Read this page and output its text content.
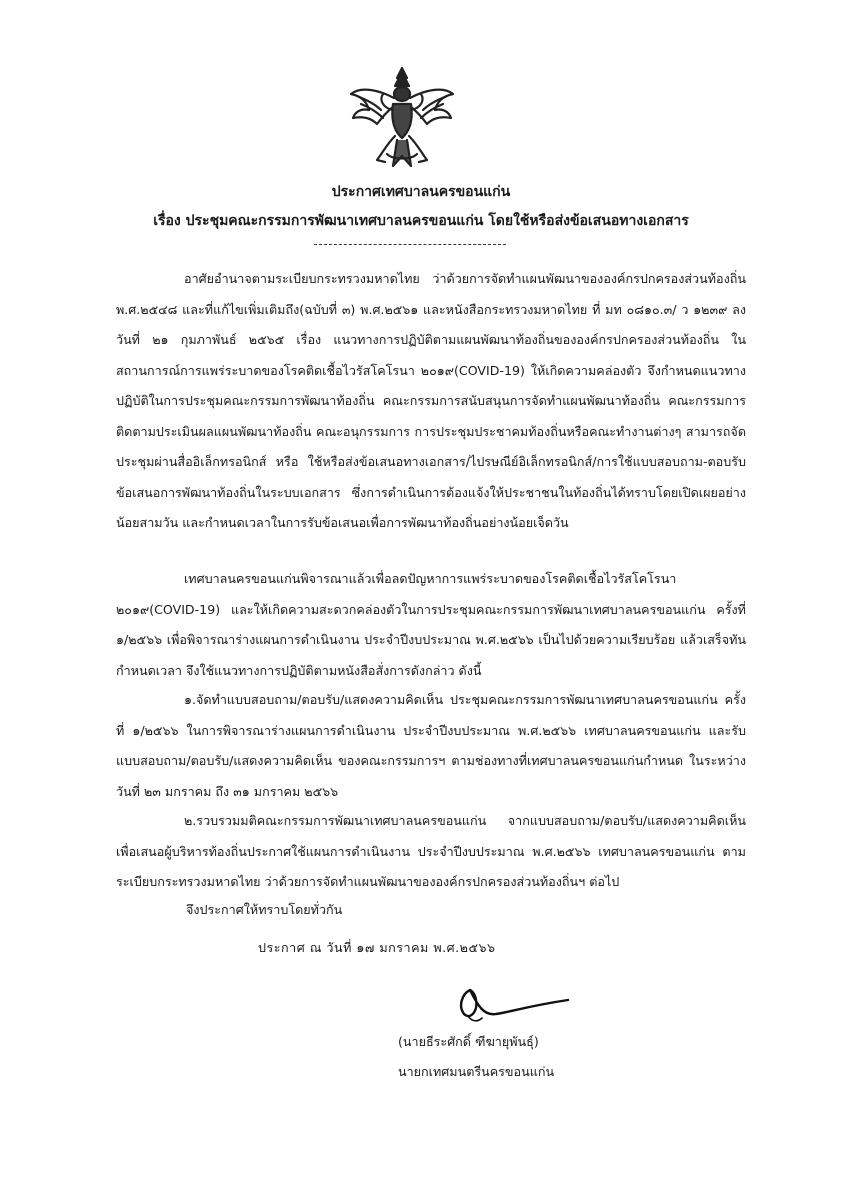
ประกาศเทศบาลนครขอนแก่น
เรื่อง ประชุมคณะกรรมการพัฒนาเทศบาลนครขอนแก่น โดยใช้หรือส่งข้อเสนอทางเอกสาร

อาศัยอำนาจตามระเบียบกระทรวงมหาดไทย ว่าด้วยการจัดทำแผนพัฒนาขององค์กรปกครองส่วนท้องถิ่น พ.ศ.๒๕๔๘ และที่แก้ไขเพิ่มเติมถึง(ฉบับที่ ๓) พ.ศ.๒๕๖๑ และหนังสือกระทรวงมหาดไทย ที่ มท ๐๘๑๐.๓/ ว ๑๒๓๙ ลงวันที่ ๒๑ กุมภาพันธ์ ๒๕๖๕ เรื่อง แนวทางการปฏิบัติตามแผนพัฒนาท้องถิ่นขององค์กรปกครองส่วนท้องถิ่น ในสถานการณ์การแพร่ระบาดของโรคติดเชื้อไวรัสโคโรนา ๒๐๑๙(COVID-19) ให้เกิดความคล่องตัว จึงกำหนดแนวทางปฏิบัติในการประชุมคณะกรรมการพัฒนาท้องถิ่น คณะกรรมการสนับสนุนการจัดทำแผนพัฒนาท้องถิ่น คณะกรรมการติดตามประเมินผลแผนพัฒนาท้องถิ่น คณะอนุกรรมการ การประชุมประชาคมท้องถิ่นหรือคณะทำงานต่างๆ สามารถจัดประชุมผ่านสื่ออิเล็กทรอนิกส์ หรือ ใช้หรือส่งข้อเสนอทางเอกสาร/ไปรษณีย์อิเล็กทรอนิกส์/การใช้แบบสอบถาม-ตอบรับข้อเสนอการพัฒนาท้องถิ่นในระบบเอกสาร ซึ่งการดำเนินการต้องแจ้งให้ประชาชนในท้องถิ่นได้ทราบโดยเปิดเผยอย่างน้อยสามวัน และกำหนดเวลาในการรับข้อเสนอเพื่อการพัฒนาท้องถิ่นอย่างน้อยเจ็ดวัน

เทศบาลนครขอนแก่นพิจารณาแล้วเพื่อลดปัญหาการแพร่ระบาดของโรคติดเชื้อไวรัสโคโรนา ๒๐๑๙(COVID-19) และให้เกิดความสะดวกคล่องตัวในการประชุมคณะกรรมการพัฒนาเทศบาลนครขอนแก่น ครั้งที่ ๑/๒๕๖๖ เพื่อพิจารณาร่างแผนการดำเนินงาน ประจำปีงบประมาณ พ.ศ.๒๕๖๖ เป็นไปด้วยความเรียบร้อย แล้วเสร็จทันกำหนดเวลา จึงใช้แนวทางการปฏิบัติตามหนังสือสั่งการดังกล่าว ดังนี้

๑.จัดทำแบบสอบถาม/ตอบรับ/แสดงความคิดเห็น ประชุมคณะกรรมการพัฒนาเทศบาลนครขอนแก่น ครั้งที่ ๑/๒๕๖๖ ในการพิจารณาร่างแผนการดำเนินงาน ประจำปีงบประมาณ พ.ศ.๒๕๖๖ เทศบาลนครขอนแก่น และรับแบบสอบถาม/ตอบรับ/แสดงความคิดเห็น ของคณะกรรมการฯ ตามช่องทางที่เทศบาลนครขอนแก่นกำหนด ในระหว่างวันที่ ๒๓ มกราคม ถึง ๓๑ มกราคม ๒๕๖๖

๒.รวบรวมมติคณะกรรมการพัฒนาเทศบาลนครขอนแก่น จากแบบสอบถาม/ตอบรับ/แสดงความคิดเห็น เพื่อเสนอผู้บริหารท้องถิ่นประกาศใช้แผนการดำเนินงาน ประจำปีงบประมาณ พ.ศ.๒๕๖๖ เทศบาลนครขอนแก่น ตามระเบียบกระทรวงมหาดไทย ว่าด้วยการจัดทำแผนพัฒนาขององค์กรปกครองส่วนท้องถิ่นฯ ต่อไป

จึงประกาศให้ทราบโดยทั่วกัน
ประกาศ ณ วันที่ ๑๗ มกราคม พ.ศ.๒๕๖๖
(นายธีระศักดิ์ ฑีฆายุพันธุ์)
นายกเทศมนตรีนครขอนแก่น
